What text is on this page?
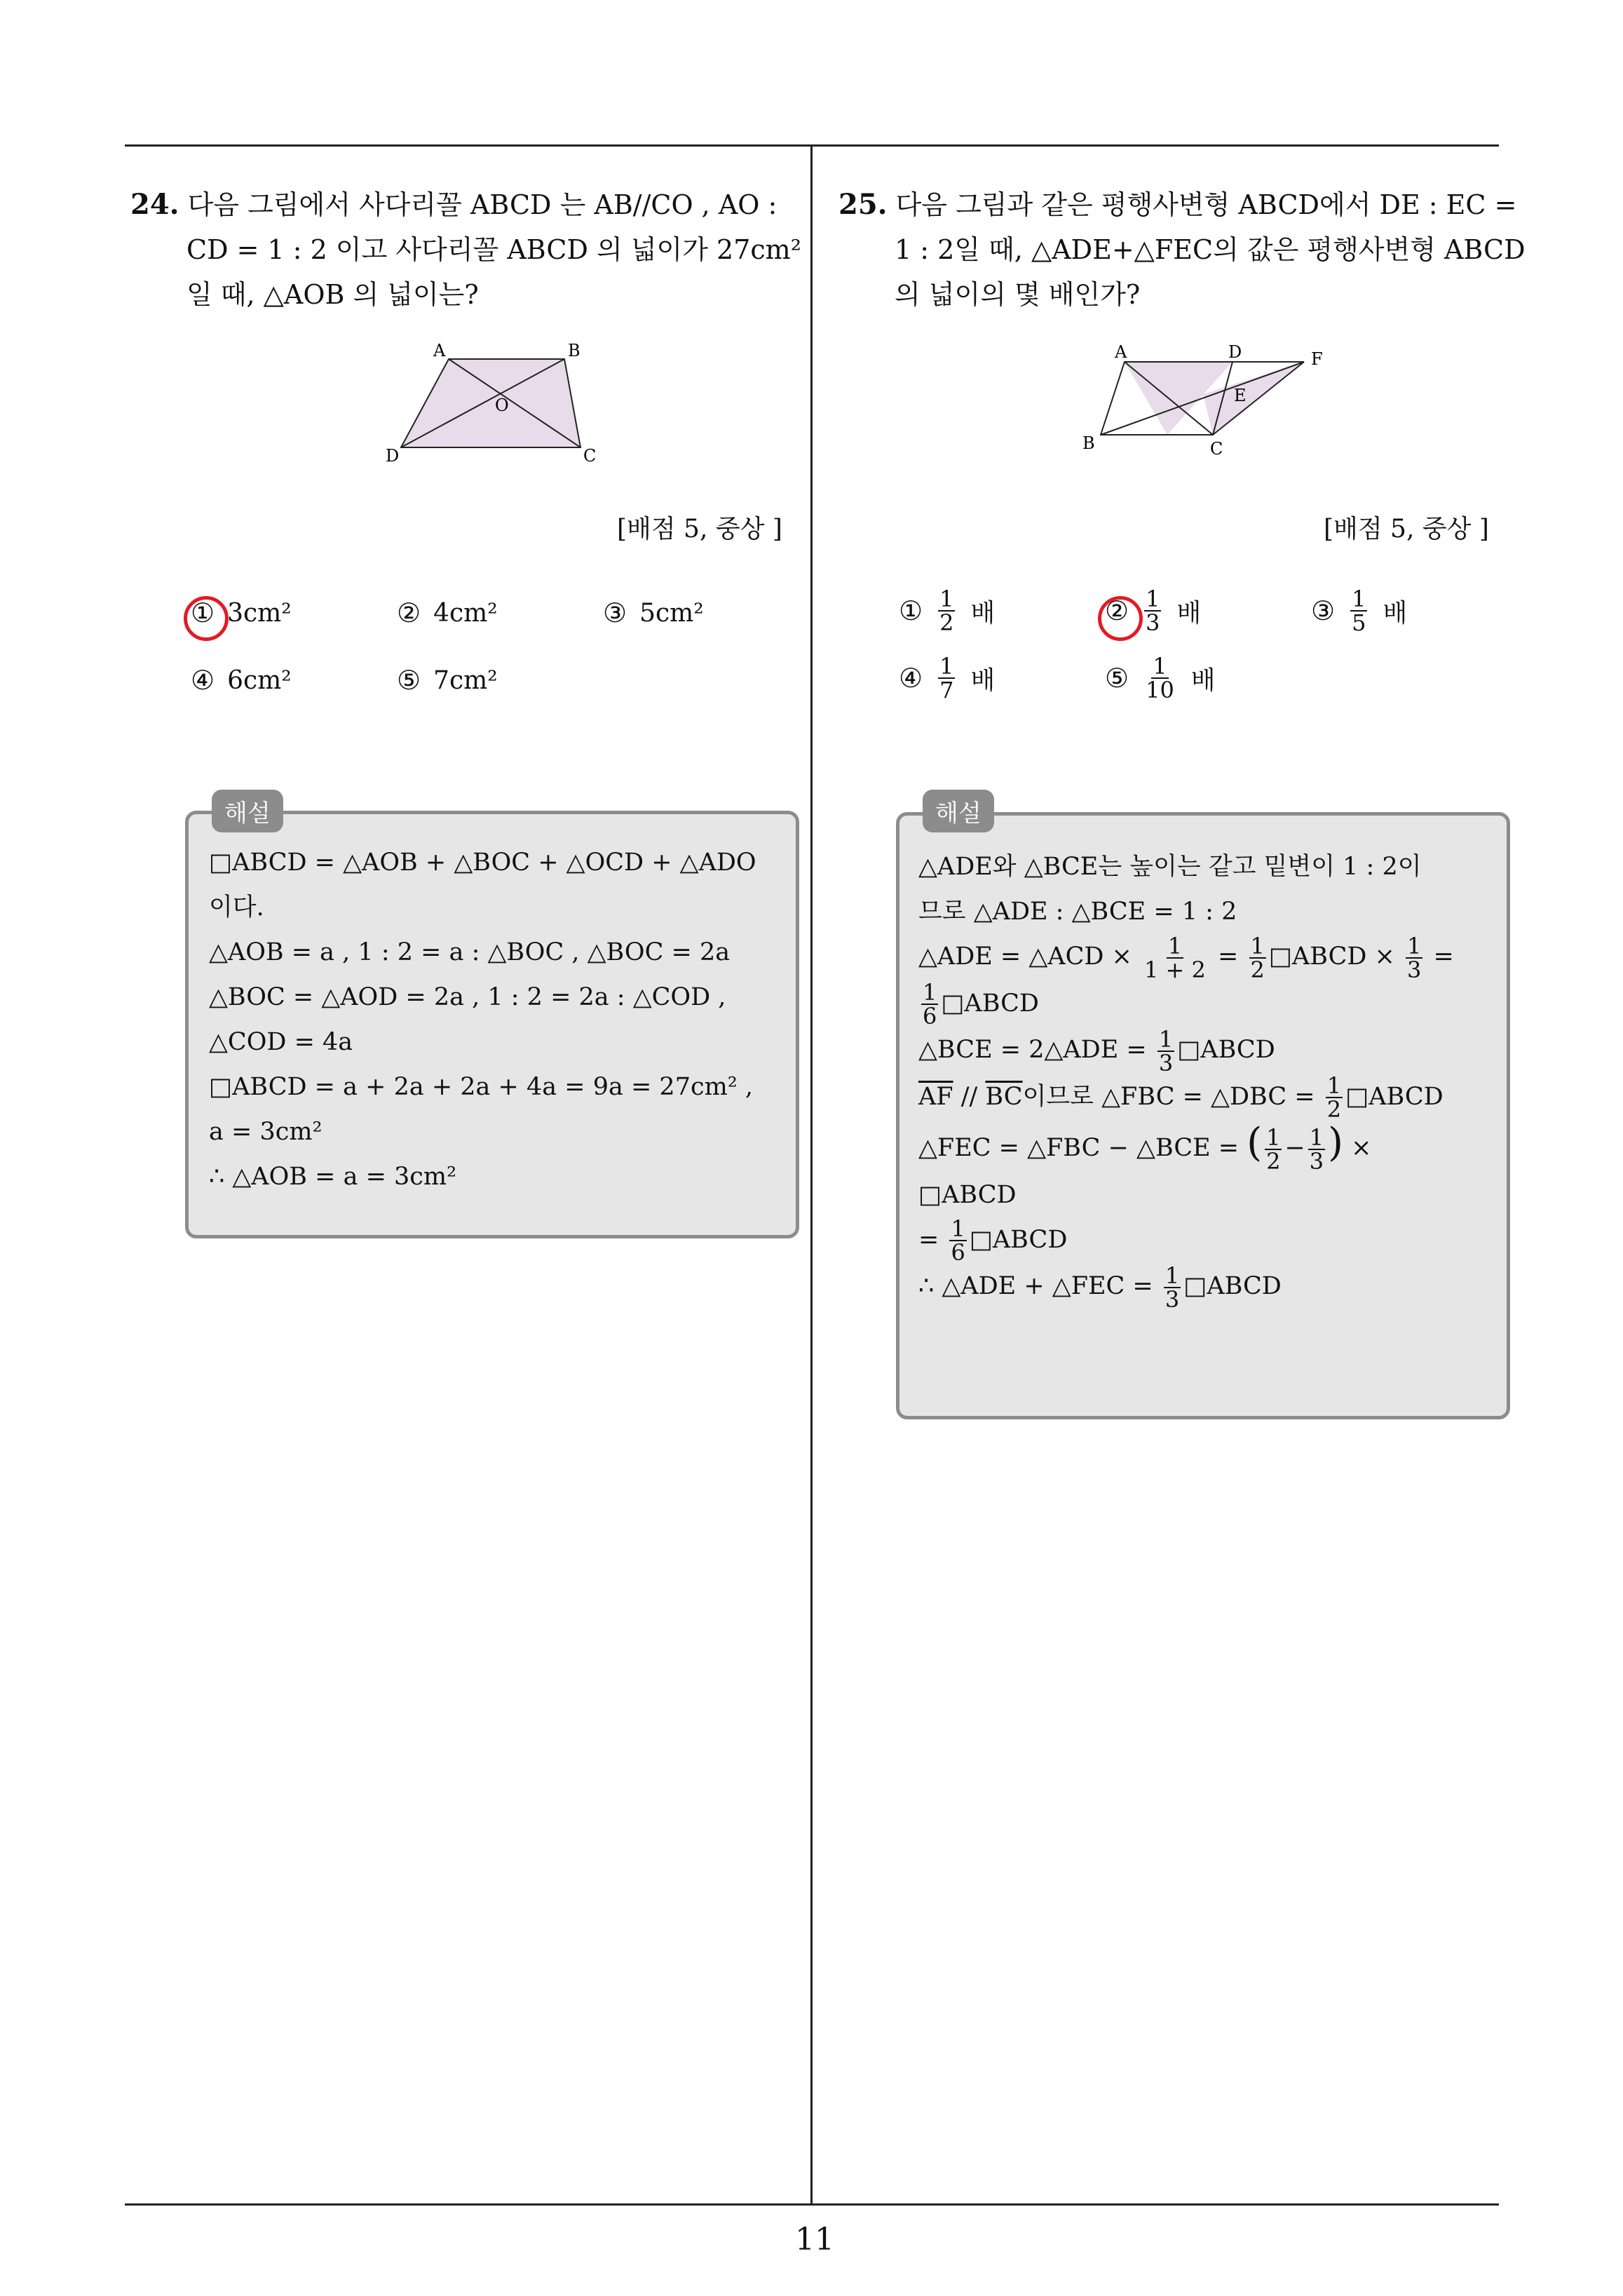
24. 다음 그림에서 사다리꼴 ABCD 는 AB//CO , AO :
CD = 1 : 2 이고 사다리꼴 ABCD 의 넓이가 27cm²
일 때, △AOB 의 넓이는?
A	B
O
D	C
[배점 5, 중상 ]
① 3cm²	② 4cm²	③ 5cm²
④ 6cm²	⑤ 7cm²
해설
□ABCD = △AOB + △BOC + △OCD + △ADO
이다.
△AOB = a , 1 : 2 = a : △BOC , △BOC = 2a
△BOC = △AOD = 2a , 1 : 2 = 2a : △COD ,
△COD = 4a
□ABCD = a + 2a + 2a + 4a = 9a = 27cm² ,
a = 3cm²
∴ △AOB = a = 3cm²
25. 다음 그림과 같은 평행사변형 ABCD에서 DE : EC =
1 : 2일 때, △ADE+△FEC의 값은 평행사변형 ABCD
의 넓이의 몇 배인가?
A	D	F
E
B	C
[배점 5, 중상 ]
① $\frac{1}{2}$ 배	② $\frac{1}{3}$ 배	③ $\frac{1}{5}$ 배
④ $\frac{1}{7}$ 배	⑤ $\frac{1}{10}$ 배
해설
△ADE와 △BCE는 높이는 같고 밑변이 1 : 2이
므로 △ADE : △BCE = 1 : 2
△ADE = △ACD × $\frac{1}{1 + 2} = \frac{1}{2}$ □ABCD × $\frac{1}{3}$ =
$\frac{1}{6}$ □ABCD
△BCE = 2△ADE = $\frac{1}{3}$ □ABCD
$\overline{AF} // \overline{BC}$이므로 △FBC = △DBC = $\frac{1}{2}$ □ABCD
△FEC = △FBC − △BCE = ( $\frac{1}{2} - \frac{1}{3}$ ) ×
□ABCD
= $\frac{1}{6}$ □ABCD
∴ △ADE + △FEC = $\frac{1}{3}$ □ABCD
11
